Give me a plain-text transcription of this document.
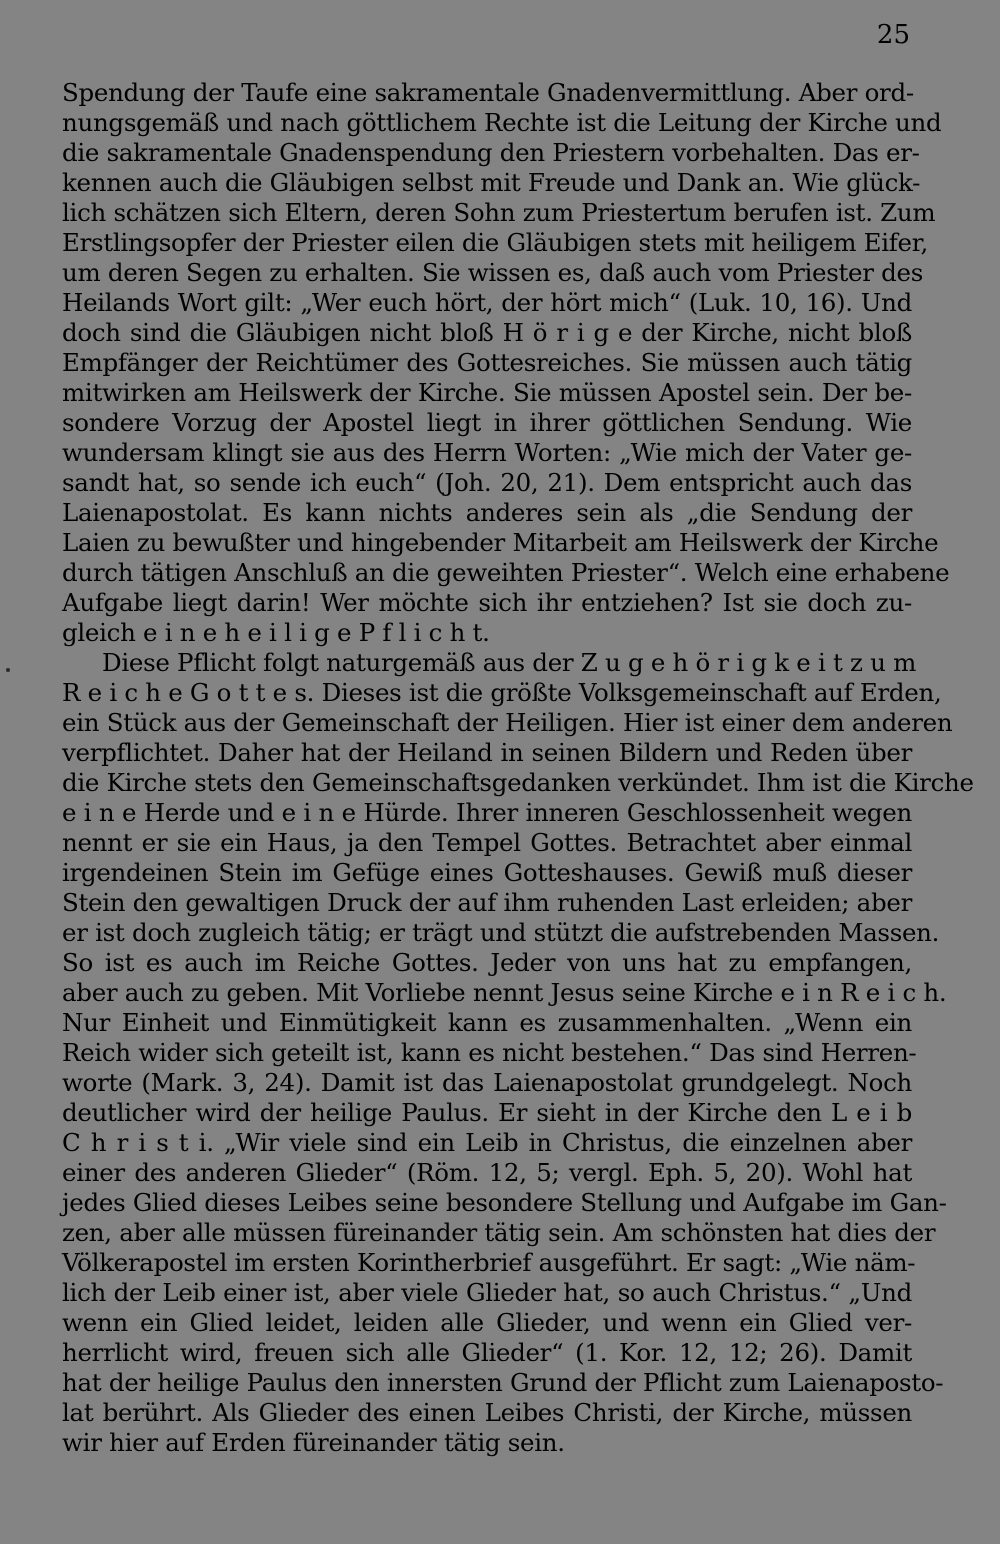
25
Spendung der Taufe eine sakramentale Gnadenvermittlung. Aber ord-
nungsgemäß und nach göttlichem Rechte ist die Leitung der Kirche und
die sakramentale Gnadenspendung den Priestern vorbehalten. Das er-
kennen auch die Gläubigen selbst mit Freude und Dank an. Wie glück-
lich schätzen sich Eltern, deren Sohn zum Priestertum berufen ist. Zum
Erstlingsopfer der Priester eilen die Gläubigen stets mit heiligem Eifer,
um deren Segen zu erhalten. Sie wissen es, daß auch vom Priester des
Heilands Wort gilt: „Wer euch hört, der hört mich“ (Luk. 10, 16). Und
doch sind die Gläubigen nicht bloß H ö r i g e der Kirche, nicht bloß
Empfänger der Reichtümer des Gottesreiches. Sie müssen auch tätig
mitwirken am Heilswerk der Kirche. Sie müssen Apostel sein. Der be-
sondere Vorzug der Apostel liegt in ihrer göttlichen Sendung. Wie
wundersam klingt sie aus des Herrn Worten: „Wie mich der Vater ge-
sandt hat, so sende ich euch“ (Joh. 20, 21). Dem entspricht auch das
Laienapostolat. Es kann nichts anderes sein als „die Sendung der
Laien zu bewußter und hingebender Mitarbeit am Heilswerk der Kirche
durch tätigen Anschluß an die geweihten Priester“. Welch eine erhabene
Aufgabe liegt darin! Wer möchte sich ihr entziehen? Ist sie doch zu-
gleich e i n e h e i l i g e P f l i c h t.
Diese Pflicht folgt naturgemäß aus der Z u g e h ö r i g k e i t z u m
R e i c h e G o t t e s. Dieses ist die größte Volksgemeinschaft auf Erden,
ein Stück aus der Gemeinschaft der Heiligen. Hier ist einer dem anderen
verpflichtet. Daher hat der Heiland in seinen Bildern und Reden über
die Kirche stets den Gemeinschaftsgedanken verkündet. Ihm ist die Kirche
e i n e Herde und e i n e Hürde. Ihrer inneren Geschlossenheit wegen
nennt er sie ein Haus, ja den Tempel Gottes. Betrachtet aber einmal
irgendeinen Stein im Gefüge eines Gotteshauses. Gewiß muß dieser
Stein den gewaltigen Druck der auf ihm ruhenden Last erleiden; aber
er ist doch zugleich tätig; er trägt und stützt die aufstrebenden Massen.
So ist es auch im Reiche Gottes. Jeder von uns hat zu empfangen,
aber auch zu geben. Mit Vorliebe nennt Jesus seine Kirche e i n R e i c h.
Nur Einheit und Einmütigkeit kann es zusammenhalten. „Wenn ein
Reich wider sich geteilt ist, kann es nicht bestehen.“ Das sind Herren-
worte (Mark. 3, 24). Damit ist das Laienapostolat grundgelegt. Noch
deutlicher wird der heilige Paulus. Er sieht in der Kirche den L e i b
C h r i s t i. „Wir viele sind ein Leib in Christus, die einzelnen aber
einer des anderen Glieder“ (Röm. 12, 5; vergl. Eph. 5, 20). Wohl hat
jedes Glied dieses Leibes seine besondere Stellung und Aufgabe im Gan-
zen, aber alle müssen füreinander tätig sein. Am schönsten hat dies der
Völkerapostel im ersten Korintherbrief ausgeführt. Er sagt: „Wie näm-
lich der Leib einer ist, aber viele Glieder hat, so auch Christus.“ „Und
wenn ein Glied leidet, leiden alle Glieder, und wenn ein Glied ver-
herrlicht wird, freuen sich alle Glieder“ (1. Kor. 12, 12; 26). Damit
hat der heilige Paulus den innersten Grund der Pflicht zum Laienaposto-
lat berührt. Als Glieder des einen Leibes Christi, der Kirche, müssen
wir hier auf Erden füreinander tätig sein.
